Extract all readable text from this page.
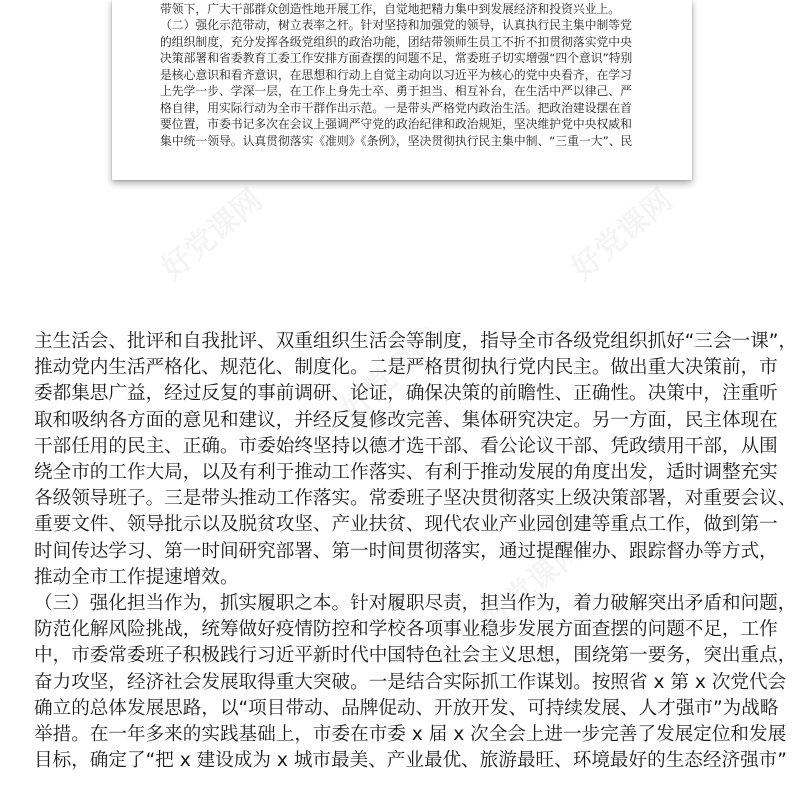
带领下，广大干部群众创造性地开展工作，自觉地把精力集中到发展经济和投资兴业上。
（二）强化示范带动，树立表率之杆。针对坚持和加强党的领导，认真执行民主集中制等党
的组织制度，充分发挥各级党组织的政治功能，团结带领师生员工不折不扣贯彻落实党中央
决策部署和省委教育工委工作安排方面查摆的问题不足，常委班子切实增强“四个意识”特别
是核心意识和看齐意识，在思想和行动上自觉主动向以习近平为核心的党中央看齐，在学习
上先学一步、学深一层，在工作上身先士卒、勇于担当、相互补台，在生活中严以律己、严
格自律，用实际行动为全市干群作出示范。一是带头严格党内政治生活。把政治建设摆在首
要位置，市委书记多次在会议上强调严守党的政治纪律和政治规矩，坚决维护党中央权威和
集中统一领导。认真贯彻落实《准则》《条例》，坚决贯彻执行民主集中制、“三重一大”、民

主生活会、批评和自我批评、双重组织生活会等制度，指导全市各级党组织抓好“三会一课”，
推动党内生活严格化、规范化、制度化。二是严格贯彻执行党内民主。做出重大决策前，市
委都集思广益，经过反复的事前调研、论证，确保决策的前瞻性、正确性。决策中，注重听
取和吸纳各方面的意见和建议，并经反复修改完善、集体研究决定。另一方面，民主体现在
干部任用的民主、正确。市委始终坚持以德才选干部、看公论议干部、凭政绩用干部，从围
绕全市的工作大局，以及有利于推动工作落实、有利于推动发展的角度出发，适时调整充实
各级领导班子。三是带头推动工作落实。常委班子坚决贯彻落实上级决策部署，对重要会议、
重要文件、领导批示以及脱贫攻坚、产业扶贫、现代农业产业园创建等重点工作，做到第一
时间传达学习、第一时间研究部署、第一时间贯彻落实，通过提醒催办、跟踪督办等方式，
推动全市工作提速增效。

（三）强化担当作为，抓实履职之本。针对履职尽责，担当作为，着力破解突出矛盾和问题，
防范化解风险挑战，统筹做好疫情防控和学校各项事业稳步发展方面查摆的问题不足，工作
中，市委常委班子积极践行习近平新时代中国特色社会主义思想，围绕第一要务，突出重点，
奋力攻坚，经济社会发展取得重大突破。一是结合实际抓工作谋划。按照省 x 第 x 次党代会
确立的总体发展思路，以“项目带动、品牌促动、开放开发、可持续发展、人才强市”为战略
举措。在一年多来的实践基础上，市委在市委 x 届 x 次全会上进一步完善了发展定位和发展
目标，确定了“把 x 建设成为 x 城市最美、产业最优、旅游最旺、环境最好的生态经济强市”
